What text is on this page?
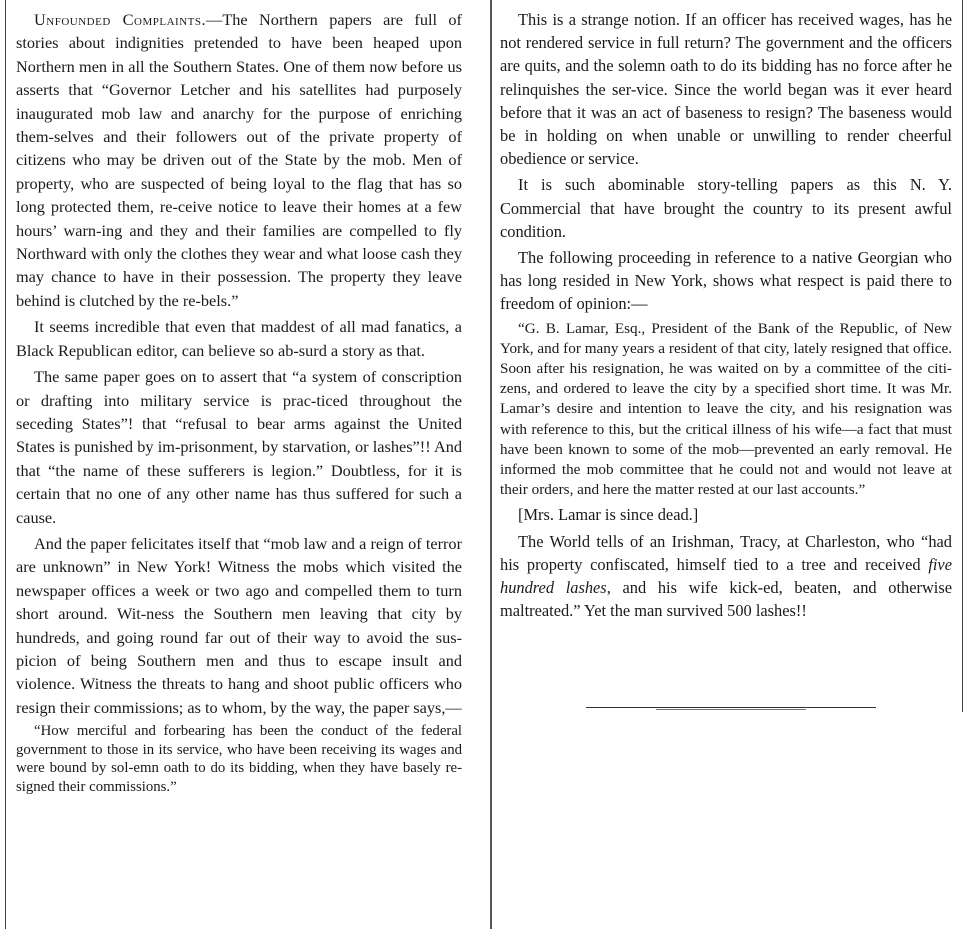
Unfounded Complaints.—The Northern papers are full of stories about indignities pretended to have been heaped upon Northern men in all the Southern States. One of them now before us asserts that “Governor Letcher and his satellites had purposely inaugurated mob law and anarchy for the purpose of enriching them-selves and their followers out of the private property of citizens who may be driven out of the State by the mob. Men of property, who are suspected of being loyal to the flag that has so long protected them, re-ceive notice to leave their homes at a few hours’ warn-ing and they and their families are compelled to fly Northward with only the clothes they wear and what loose cash they may chance to have in their possession. The property they leave behind is clutched by the re-bels.”

It seems incredible that even that maddest of all mad fanatics, a Black Republican editor, can believe so ab-surd a story as that.

The same paper goes on to assert that “a system of conscription or drafting into military service is prac-ticed throughout the seceding States”! that “refusal to bear arms against the United States is punished by im-prisonment, by starvation, or lashes”!! And that “the name of these sufferers is legion.” Doubtless, for it is certain that no one of any other name has thus suffered for such a cause.

And the paper felicitates itself that “mob law and a reign of terror are unknown” in New York! Witness the mobs which visited the newspaper offices a week or two ago and compelled them to turn short around. Wit-ness the Southern men leaving that city by hundreds, and going round far out of their way to avoid the sus-picion of being Southern men and thus to escape insult and violence. Witness the threats to hang and shoot public officers who resign their commissions; as to whom, by the way, the paper says,—

“How merciful and forbearing has been the conduct of the federal government to those in its service, who have been receiving its wages and were bound by sol-emn oath to do its bidding, when they have basely re-signed their commissions.”

This is a strange notion. If an officer has received wages, has he not rendered service in full return? The government and the officers are quits, and the solemn oath to do its bidding has no force after he relinquishes the ser-vice. Since the world began was it ever heard before that it was an act of baseness to resign? The baseness would be in holding on when unable or unwilling to render cheerful obedience or service.

It is such abominable story-telling papers as this N. Y. Commercial that have brought the country to its present awful condition.

The following proceeding in reference to a native Georgian who has long resided in New York, shows what respect is paid there to freedom of opinion:—

“G. B. Lamar, Esq., President of the Bank of the Republic, of New York, and for many years a resident of that city, lately resigned that office. Soon after his resignation, he was waited on by a committee of the citi-zens, and ordered to leave the city by a specified short time. It was Mr. Lamar’s desire and intention to leave the city, and his resignation was with reference to this, but the critical illness of his wife—a fact that must have been known to some of the mob—prevented an early removal. He informed the mob committee that he could not and would not leave at their orders, and here the matter rested at our last accounts.”

[Mrs. Lamar is since dead.]

The World tells of an Irishman, Tracy, at Charleston, who “had his property confiscated, himself tied to a tree and received five hundred lashes, and his wife kick-ed, beaten, and otherwise maltreated.” Yet the man survived 500 lashes!!
